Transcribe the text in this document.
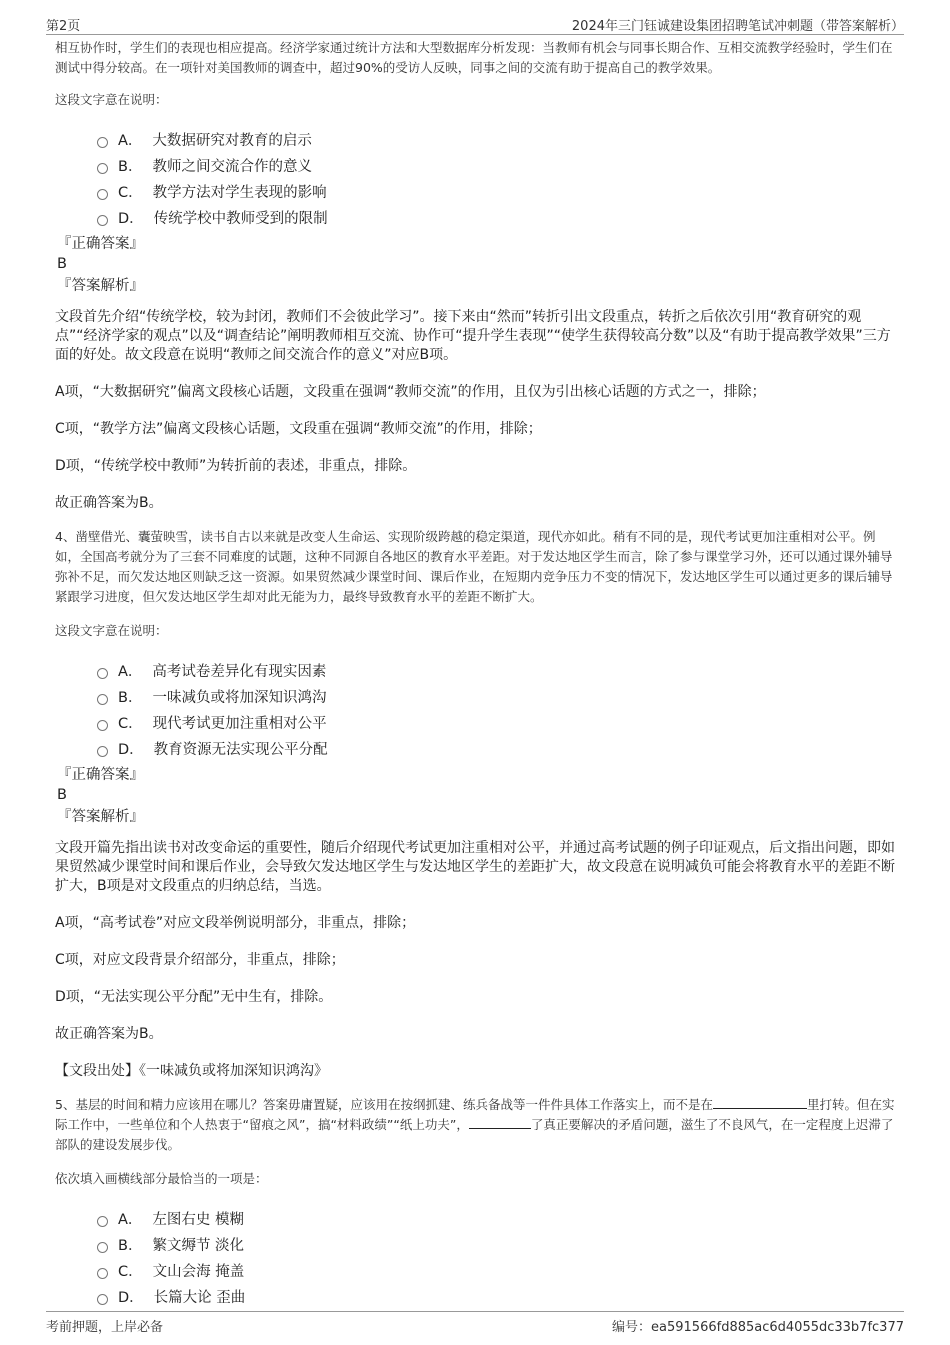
第2页	2024年三门钰诚建设集团招聘笔试冲刺题（带答案解析）
相互协作时，学生们的表现也相应提高。经济学家通过统计方法和大型数据库分析发现：当教师有机会与同事长期合作、互相交流教学经验时，学生们在测试中得分较高。在一项针对美国教师的调查中，超过90%的受访人反映，同事之间的交流有助于提高自己的教学效果。
这段文字意在说明：
A． 大数据研究对教育的启示
B． 教师之间交流合作的意义
C． 教学方法对学生表现的影响
D． 传统学校中教师受到的限制
『正确答案』
B
『答案解析』
文段首先介绍“传统学校，较为封闭，教师们不会彼此学习”。接下来由“然而”转折引出文段重点，转折之后依次引用“教育研究的观点”“经济学家的观点”以及“调查结论”阐明教师相互交流、协作可“提升学生表现”“使学生获得较高分数”以及“有助于提高教学效果”三方面的好处。故文段意在说明“教师之间交流合作的意义”对应B项。
A项，“大数据研究”偏离文段核心话题，文段重在强调“教师交流”的作用，且仅为引出核心话题的方式之一，排除；
C项，“教学方法”偏离文段核心话题，文段重在强调“教师交流”的作用，排除；
D项，“传统学校中教师”为转折前的表述，非重点，排除。
故正确答案为B。
4、凿壁借光、囊萤映雪，读书自古以来就是改变人生命运、实现阶级跨越的稳定渠道，现代亦如此。稍有不同的是，现代考试更加注重相对公平。例如，全国高考就分为了三套不同难度的试题，这种不同源自各地区的教育水平差距。对于发达地区学生而言，除了参与课堂学习外，还可以通过课外辅导弥补不足，而欠发达地区则缺乏这一资源。如果贸然减少课堂时间、课后作业，在短期内竞争压力不变的情况下，发达地区学生可以通过更多的课后辅导紧跟学习进度，但欠发达地区学生却对此无能为力，最终导致教育水平的差距不断扩大。
这段文字意在说明：
A． 高考试卷差异化有现实因素
B． 一味减负或将加深知识鸿沟
C． 现代考试更加注重相对公平
D． 教育资源无法实现公平分配
『正确答案』
B
『答案解析』
文段开篇先指出读书对改变命运的重要性，随后介绍现代考试更加注重相对公平，并通过高考试题的例子印证观点，后文指出问题，即如果贸然减少课堂时间和课后作业，会导致欠发达地区学生与发达地区学生的差距扩大，故文段意在说明减负可能会将教育水平的差距不断扩大，B项是对文段重点的归纳总结，当选。
A项，“高考试卷”对应文段举例说明部分，非重点，排除；
C项，对应文段背景介绍部分，非重点，排除；
D项，“无法实现公平分配”无中生有，排除。
故正确答案为B。
【文段出处】《一味减负或将加深知识鸿沟》
5、基层的时间和精力应该用在哪儿？答案毋庸置疑，应该用在按纲抓建、练兵备战等一件件具体工作落实上，而不是在	里打转。但在实际工作中，一些单位和个人热衷于“留痕之风”，搞“材料政绩”“纸上功夫”，	了真正要解决的矛盾问题，滋生了不良风气，在一定程度上迟滞了部队的建设发展步伐。
依次填入画横线部分最恰当的一项是：
A． 左图右史 模糊
B． 繁文缛节 淡化
C． 文山会海 掩盖
D． 长篇大论 歪曲
考前押题，上岸必备	编号：ea591566fd885ac6d4055dc33b7fc377
